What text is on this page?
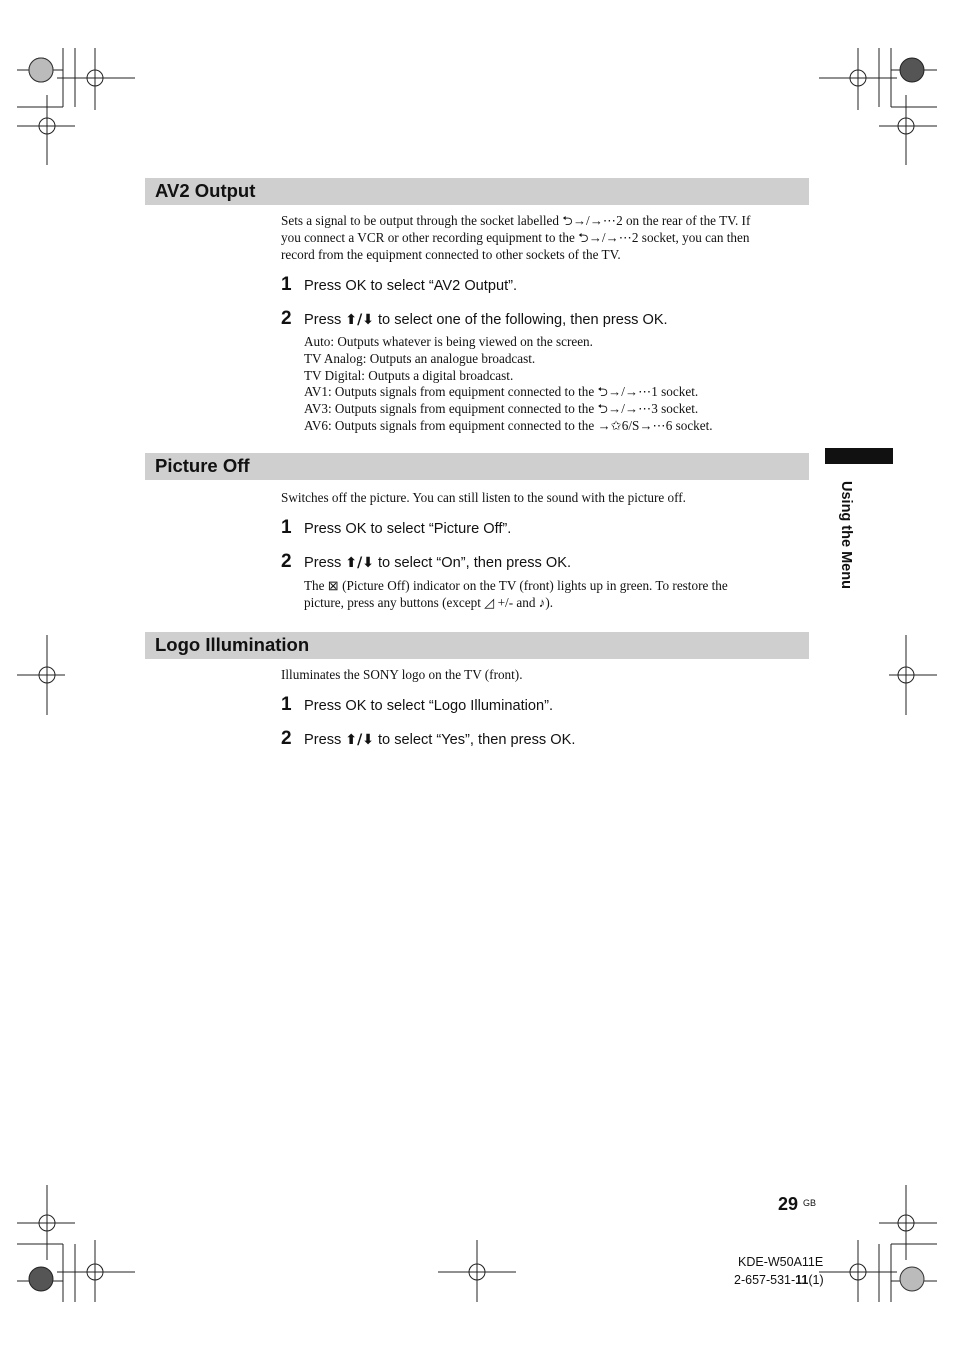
AV2 Output
Sets a signal to be output through the socket labelled ⮌→/→⋯2 on the rear of the TV. If
you connect a VCR or other recording equipment to the ⮌→/→⋯2 socket, you can then
record from the equipment connected to other sockets of the TV.
1 Press OK to select “AV2 Output”.
2 Press ⬆/⬇ to select one of the following, then press OK.
Auto: Outputs whatever is being viewed on the screen.
TV Analog: Outputs an analogue broadcast.
TV Digital: Outputs a digital broadcast.
AV1: Outputs signals from equipment connected to the ⮌→/→⋯1 socket.
AV3: Outputs signals from equipment connected to the ⮌→/→⋯3 socket.
AV6: Outputs signals from equipment connected to the →✩6/S→⋯6 socket.
Picture Off
Switches off the picture. You can still listen to the sound with the picture off.
1 Press OK to select “Picture Off”.
2 Press ⬆/⬇ to select “On”, then press OK.
The ⊠ (Picture Off) indicator on the TV (front) lights up in green. To restore the
picture, press any buttons (except ◿ +/- and ♪).
Logo Illumination
Illuminates the SONY logo on the TV (front).
1 Press OK to select “Logo Illumination”.
2 Press ⬆/⬇ to select “Yes”, then press OK.
Using the Menu
29 GB
KDE-W50A11E
2-657-531-11(1)
